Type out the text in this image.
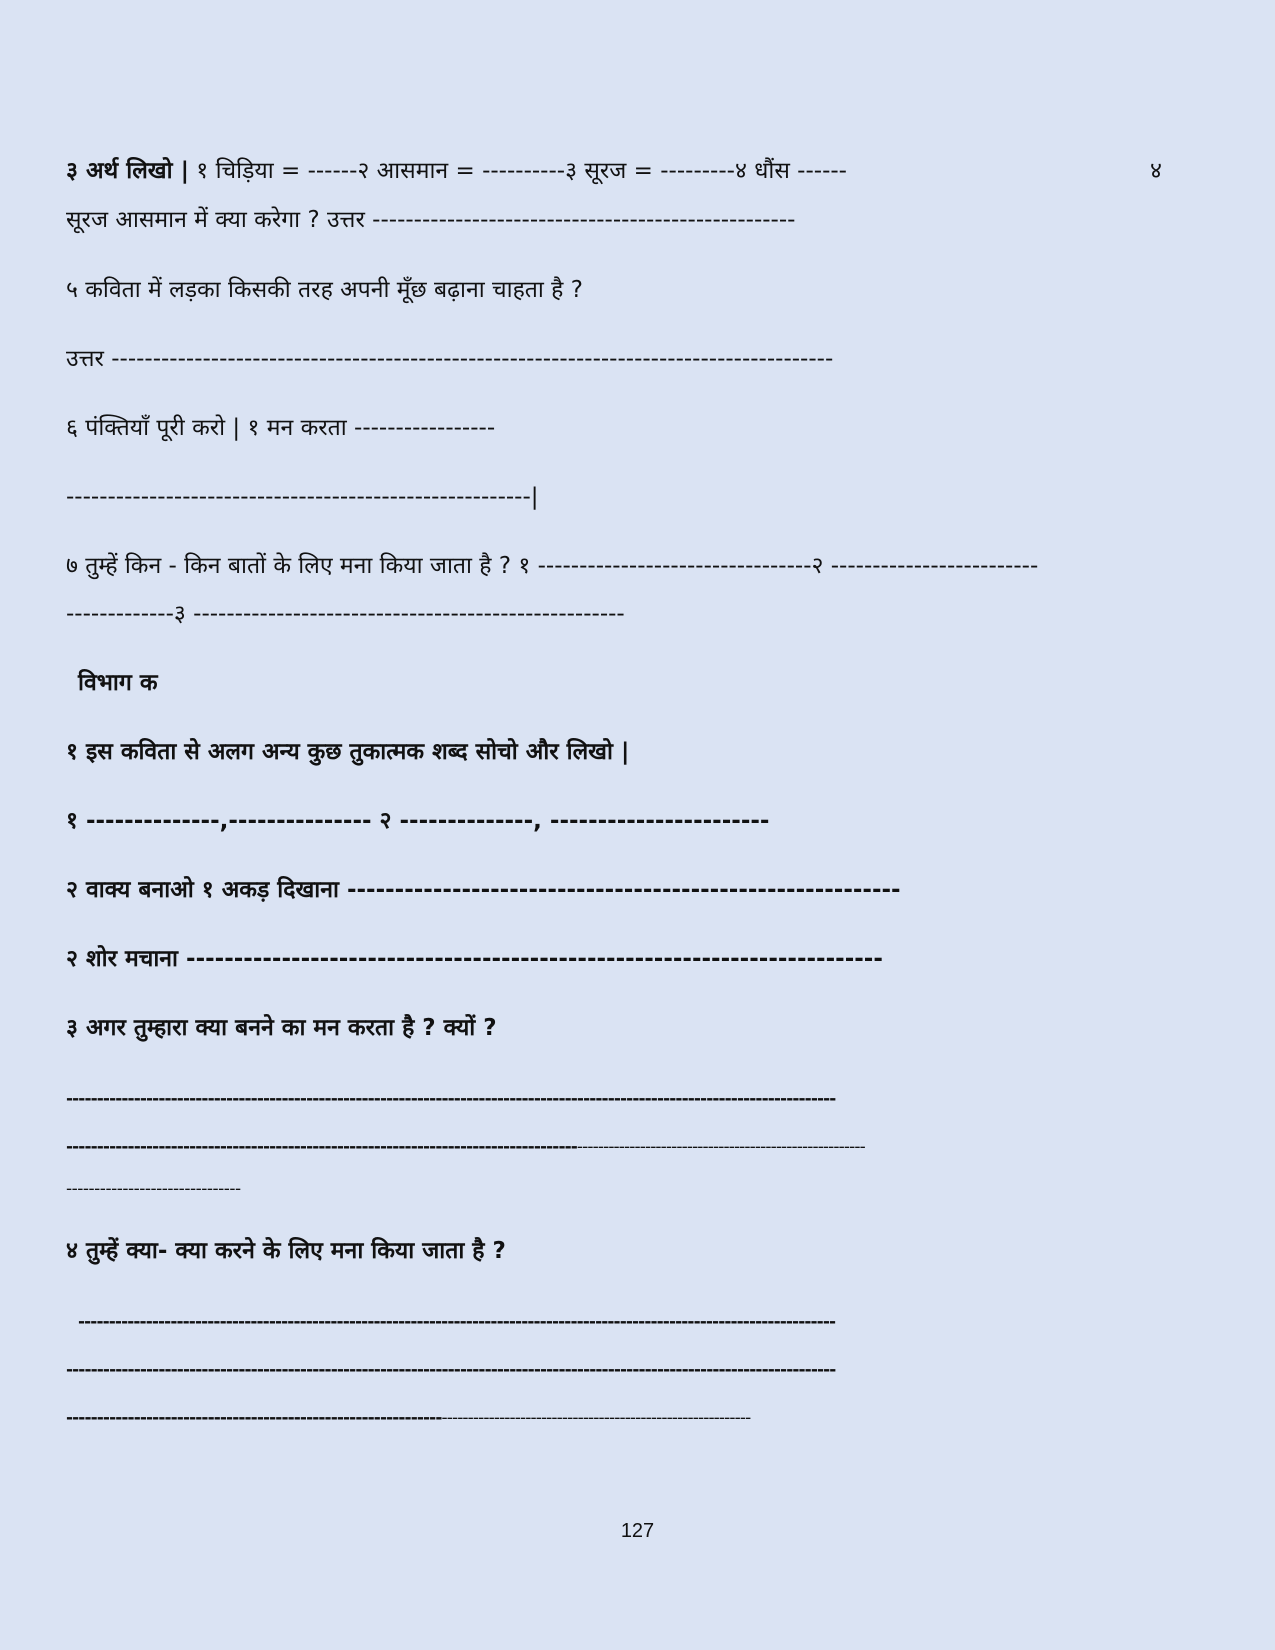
३ अर्थ लिखो | १ चिड़िया = ------२ आसमान = ----------३ सूरज = ---------४ धौंस ------	४
सूरज आसमान में क्या करेगा ? उत्तर ---------------------------------------------------
५ कविता में लड़का किसकी तरह अपनी मूँछ बढ़ाना चाहता है ?
उत्तर ---------------------------------------------------------------------------------------
६ पंक्तियाँ पूरी करो | १ मन करता -----------------
--------------------------------------------------------|
७ तुम्हें किन - किन बातों के लिए मना किया जाता है ? १ ---------------------------------२ -------------------------
-------------३ ----------------------------------------------------
विभाग क
१ इस कविता से अलग अन्य कुछ तुकात्मक शब्द सोचो और लिखो |
१ --------------,--------------- २ --------------, -----------------------
२ वाक्य बनाओ १ अकड़ दिखाना ----------------------------------------------------------
२ शोर मचाना -------------------------------------------------------------------------
३ अगर तुम्हारा क्या बनने का मन करता है ? क्यों ?
-----------------------------------------------------------------------------------------------------------------------------
------------------------------------------------------------------------------------------------------------------------------------------
-------------------------------
४ तुम्हें क्या- क्या करने के लिए मना किया जाता है ?
---------------------------------------------------------------------------------------------------------------------------
-----------------------------------------------------------------------------------------------------------------------------
------------------------------------------------------------------------------------------------------------------------
127
